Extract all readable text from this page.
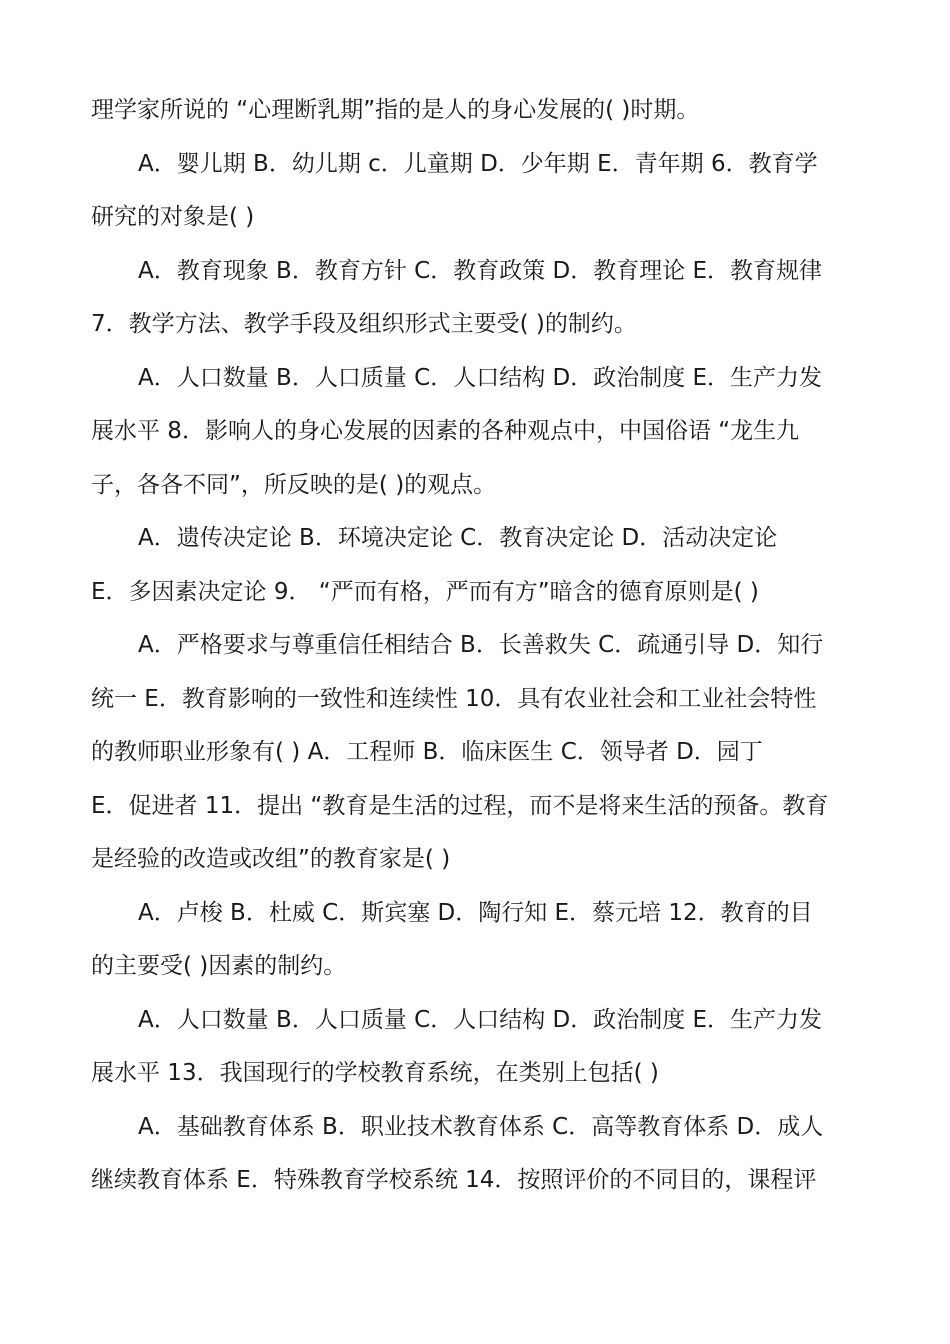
理学家所说的 “心理断乳期”指的是人的身心发展的( )时期。
A．婴儿期 B．幼儿期 c．儿童期 D．少年期 E．青年期 6．教育学
研究的对象是( )
A．教育现象 B．教育方针 C．教育政策 D．教育理论 E．教育规律
7．教学方法、教学手段及组织形式主要受( )的制约。
A．人口数量 B．人口质量 C．人口结构 D．政治制度 E．生产力发
展水平 8．影响人的身心发展的因素的各种观点中，中国俗语 “龙生九
子，各各不同”，所反映的是( )的观点。
A．遗传决定论 B．环境决定论 C．教育决定论 D．活动决定论
E．多因素决定论 9． “严而有格，严而有方”暗含的德育原则是( )
A．严格要求与尊重信任相结合 B．长善救失 C．疏通引导 D．知行
统一 E．教育影响的一致性和连续性 10．具有农业社会和工业社会特性
的教师职业形象有( ) A．工程师 B．临床医生 C．领导者 D．园丁
E．促进者 11．提出 “教育是生活的过程，而不是将来生活的预备。教育
是经验的改造或改组”的教育家是( )
A．卢梭 B．杜威 C．斯宾塞 D．陶行知 E．蔡元培 12．教育的目
的主要受( )因素的制约。
A．人口数量 B．人口质量 C．人口结构 D．政治制度 E．生产力发
展水平 13．我国现行的学校教育系统，在类别上包括( )
A．基础教育体系 B．职业技术教育体系 C．高等教育体系 D．成人
继续教育体系 E．特殊教育学校系统 14．按照评价的不同目的，课程评
